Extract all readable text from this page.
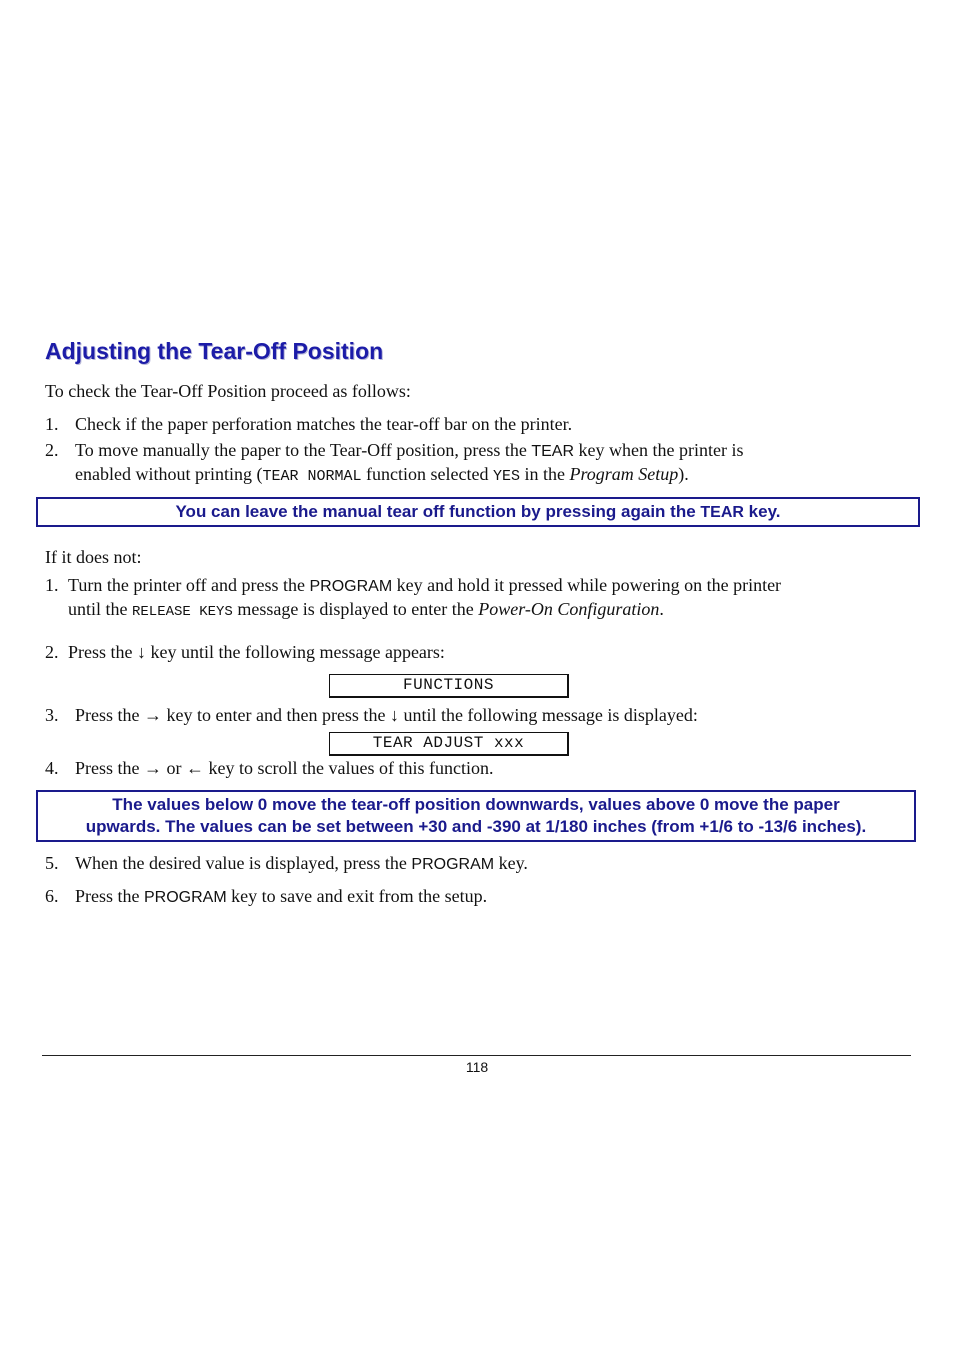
Adjusting the Tear-Off Position
To check the Tear-Off Position proceed as follows:
1. Check if the paper perforation matches the tear-off bar on the printer.
2. To move manually the paper to the Tear-Off position, press the TEAR key when the printer is
enabled without printing (TEAR NORMAL function selected YES in the Program Setup).
You can leave the manual tear off function by pressing again the TEAR key.
If it does not:
1. Turn the printer off and press the PROGRAM key and hold it pressed while powering on the printer
until the RELEASE KEYS message is displayed to enter the Power-On Configuration.
2. Press the ↓ key until the following message appears:
FUNCTIONS
3. Press the → key to enter and then press the ↓ until the following message is displayed:
TEAR ADJUST xxx
4. Press the → or ← key to scroll the values of this function.
The values below 0 move the tear-off position downwards, values above 0 move the paper
upwards. The values can be set between +30 and -390 at 1/180 inches (from +1/6 to -13/6 inches).
5. When the desired value is displayed, press the PROGRAM key.
6. Press the PROGRAM key to save and exit from the setup.
118
